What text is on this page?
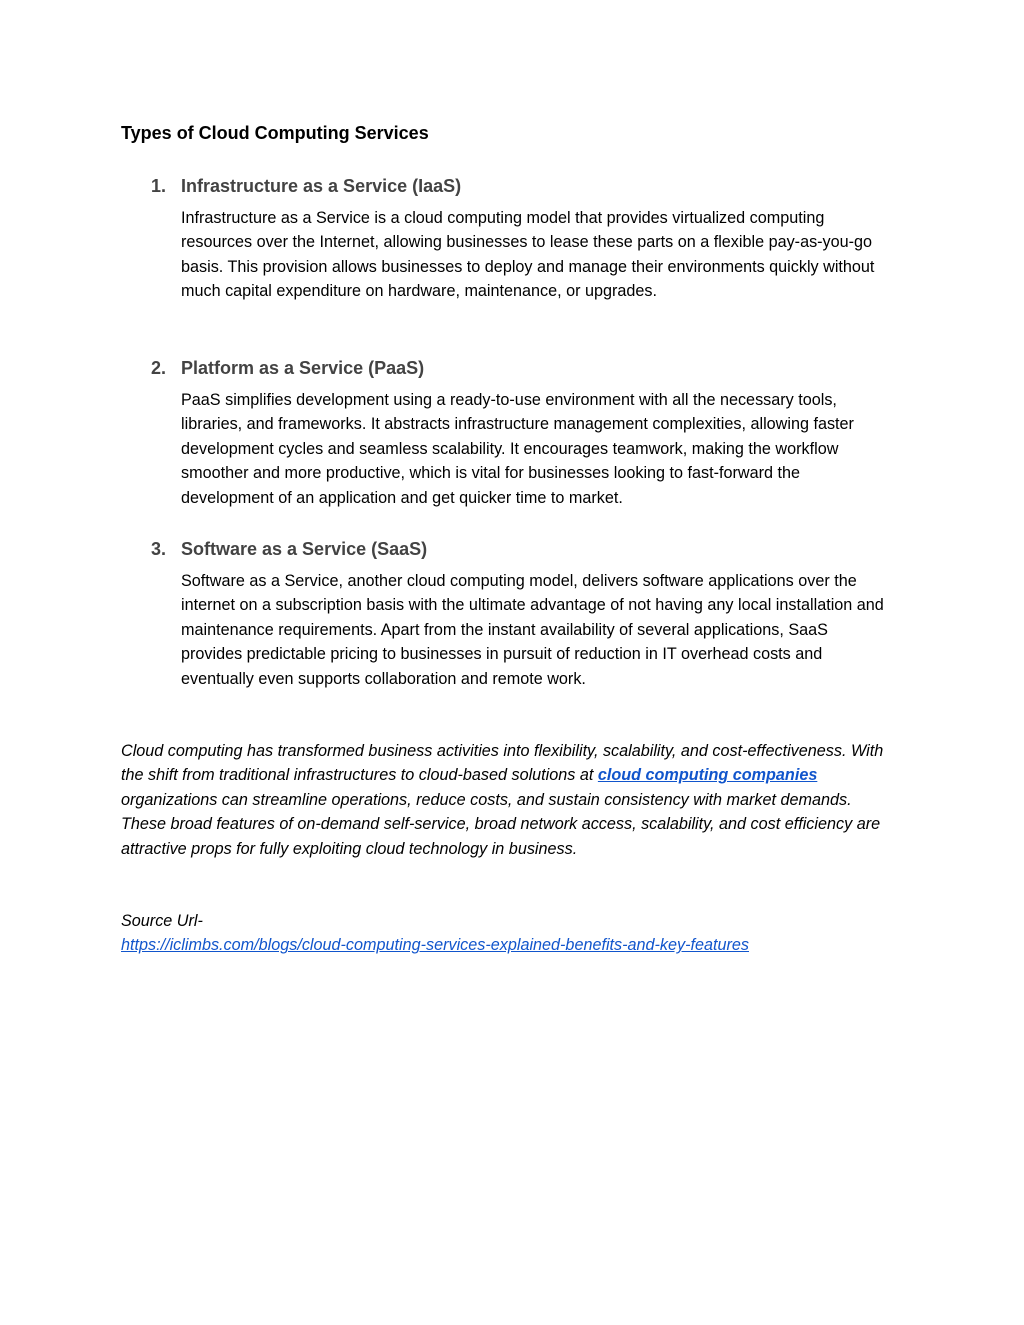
Types of Cloud Computing Services
1. Infrastructure as a Service (IaaS)

Infrastructure as a Service is a cloud computing model that provides virtualized computing resources over the Internet, allowing businesses to lease these parts on a flexible pay-as-you-go basis. This provision allows businesses to deploy and manage their environments quickly without much capital expenditure on hardware, maintenance, or upgrades.

2. Platform as a Service (PaaS)

PaaS simplifies development using a ready-to-use environment with all the necessary tools, libraries, and frameworks. It abstracts infrastructure management complexities, allowing faster development cycles and seamless scalability. It encourages teamwork, making the workflow smoother and more productive, which is vital for businesses looking to fast-forward the development of an application and get quicker time to market.

3. Software as a Service (SaaS)

Software as a Service, another cloud computing model, delivers software applications over the internet on a subscription basis with the ultimate advantage of not having any local installation and maintenance requirements. Apart from the instant availability of several applications, SaaS provides predictable pricing to businesses in pursuit of reduction in IT overhead costs and eventually even supports collaboration and remote work.

Cloud computing has transformed business activities into flexibility, scalability, and cost-effectiveness. With the shift from traditional infrastructures to cloud-based solutions at cloud computing companies organizations can streamline operations, reduce costs, and sustain consistency with market demands. These broad features of on-demand self-service, broad network access, scalability, and cost efficiency are attractive props for fully exploiting cloud technology in business.

Source Url-
https://iclimbs.com/blogs/cloud-computing-services-explained-benefits-and-key-features
